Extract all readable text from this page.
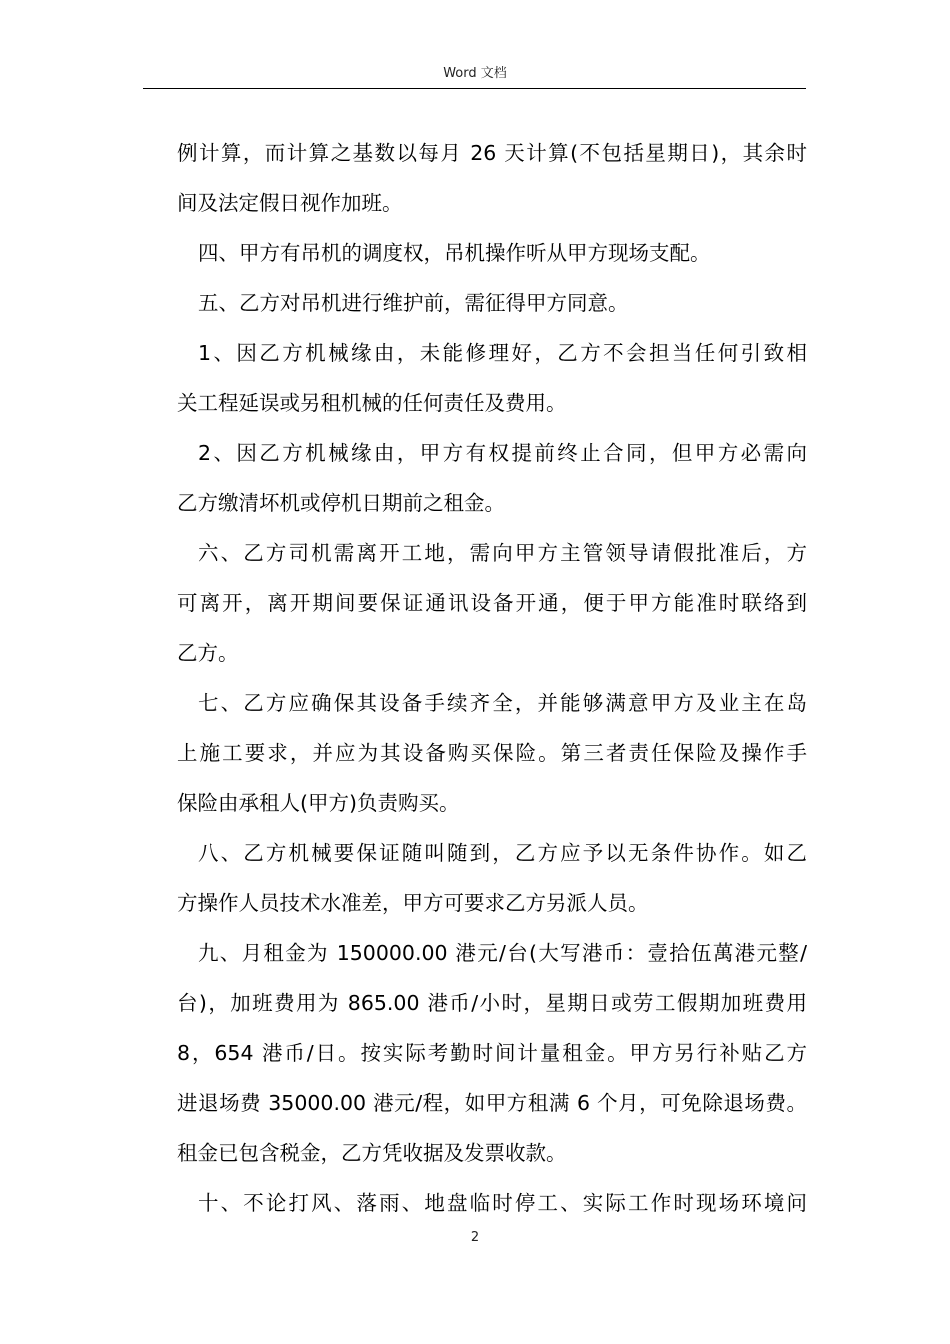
Word 文档
例计算，而计算之基数以每月 26 天计算(不包括星期日)，其余时
间及法定假日视作加班。
四、甲方有吊机的调度权，吊机操作听从甲方现场支配。
五、乙方对吊机进行维护前，需征得甲方同意。
1、因乙方机械缘由，未能修理好，乙方不会担当任何引致相
关工程延误或另租机械的任何责任及费用。
2、因乙方机械缘由，甲方有权提前终止合同，但甲方必需向
乙方缴清坏机或停机日期前之租金。
六、乙方司机需离开工地，需向甲方主管领导请假批准后，方
可离开，离开期间要保证通讯设备开通，便于甲方能准时联络到
乙方。
七、乙方应确保其设备手续齐全，并能够满意甲方及业主在岛
上施工要求，并应为其设备购买保险。第三者责任保险及操作手
保险由承租人(甲方)负责购买。
八、乙方机械要保证随叫随到，乙方应予以无条件协作。如乙
方操作人员技术水准差，甲方可要求乙方另派人员。
九、月租金为 150000.00 港元/台(大写港币：壹拾伍萬港元整/
台)，加班费用为 865.00 港币/小时，星期日或劳工假期加班费用
8，654 港币/日。按实际考勤时间计量租金。甲方另行补贴乙方
进退场费 35000.00 港元/程，如甲方租满 6 个月，可免除退场费。
租金已包含税金，乙方凭收据及发票收款。
十、不论打风、落雨、地盘临时停工、实际工作时现场环境问
2
